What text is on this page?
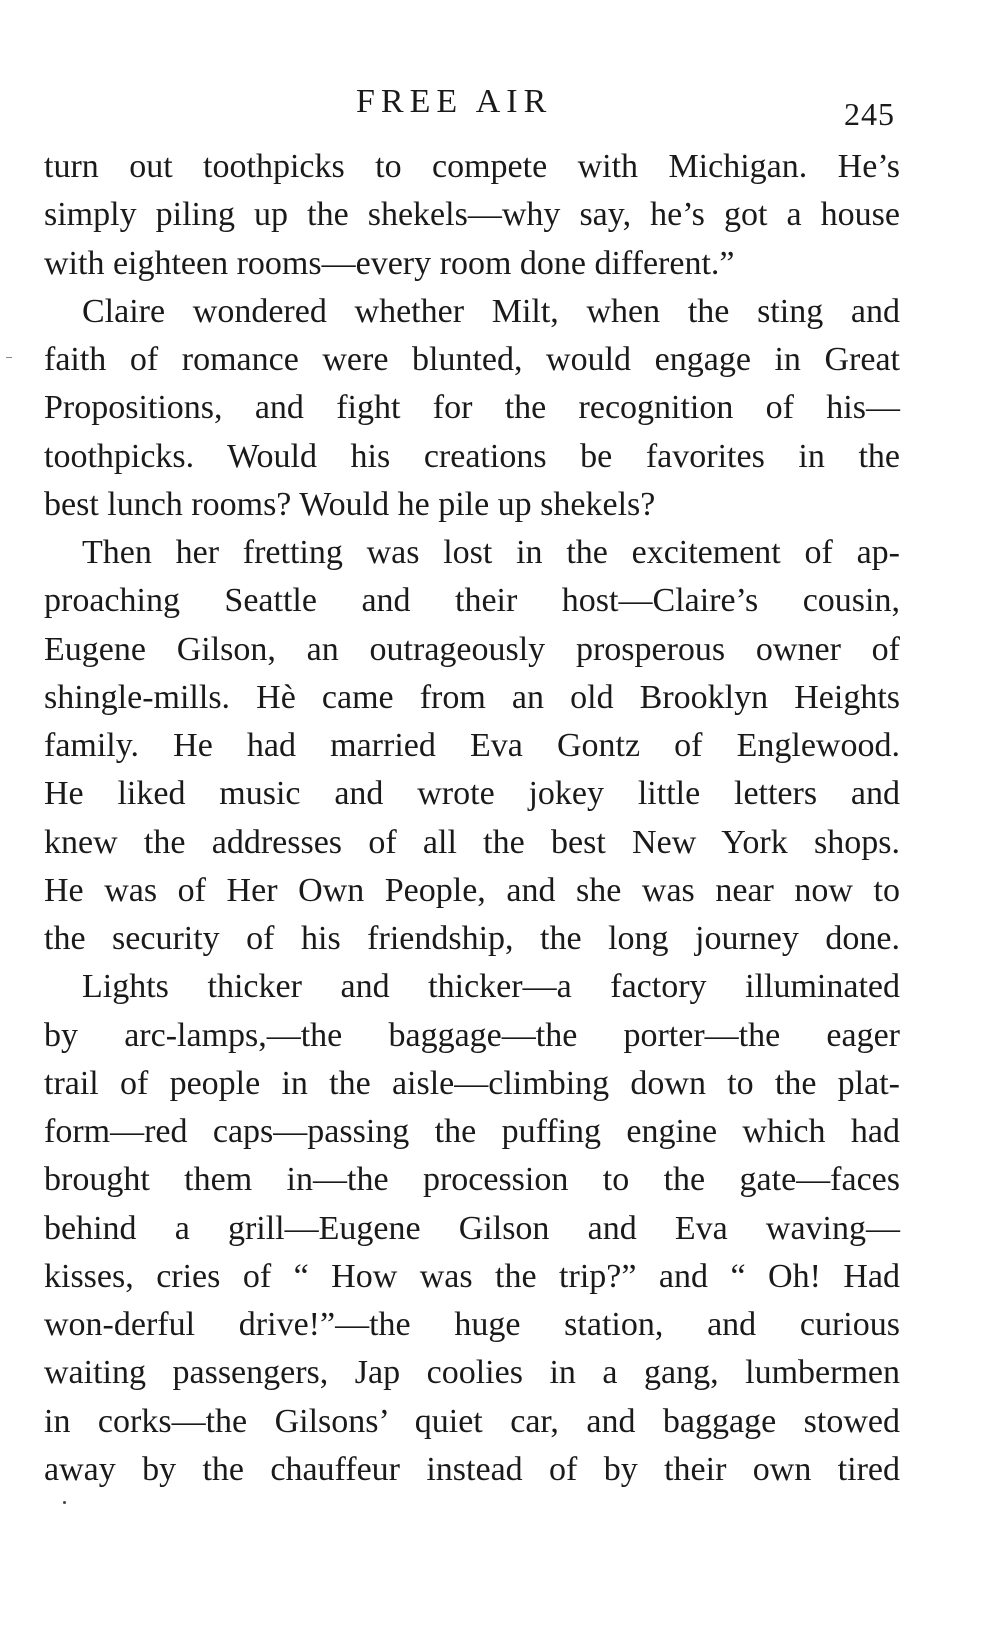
FREE AIR	245
turn out toothpicks to compete with Michigan. He’s
simply piling up the shekels—why say, he’s got a house
with eighteen rooms—every room done different.”
Claire wondered whether Milt, when the sting and
faith of romance were blunted, would engage in Great
Propositions, and fight for the recognition of his—
toothpicks. Would his creations be favorites in the
best lunch rooms? Would he pile up shekels?
Then her fretting was lost in the excitement of ap-
proaching Seattle and their host—Claire’s cousin,
Eugene Gilson, an outrageously prosperous owner of
shingle-mills. Hè came from an old Brooklyn Heights
family. He had married Eva Gontz of Englewood.
He liked music and wrote jokey little letters and
knew the addresses of all the best New York shops.
He was of Her Own People, and she was near now to
the security of his friendship, the long journey done.
Lights thicker and thicker—a factory illuminated
by arc-lamps,—the baggage—the porter—the eager
trail of people in the aisle—climbing down to the plat-
form—red caps—passing the puffing engine which had
brought them in—the procession to the gate—faces
behind a grill—Eugene Gilson and Eva waving—
kisses, cries of “ How was the trip?” and “ Oh! Had
won-derful drive!”—the huge station, and curious
waiting passengers, Jap coolies in a gang, lumbermen
in corks—the Gilsons’ quiet car, and baggage stowed
away by the chauffeur instead of by their own tired
